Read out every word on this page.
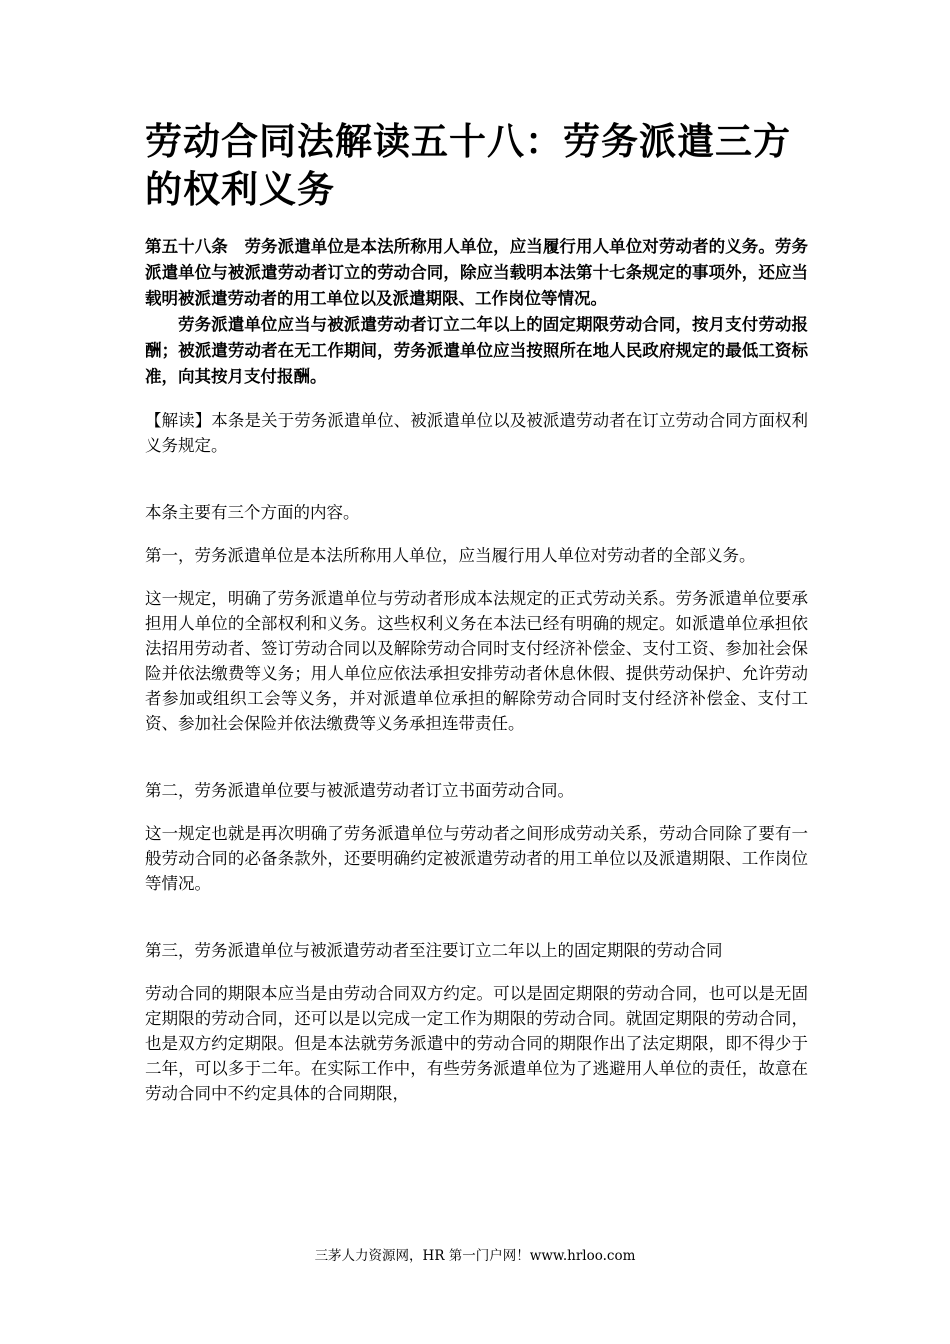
劳动合同法解读五十八：劳务派遣三方的权利义务

第五十八条　劳务派遣单位是本法所称用人单位，应当履行用人单位对劳动者的义务。劳务派遣单位与被派遣劳动者订立的劳动合同，除应当载明本法第十七条规定的事项外，还应当载明被派遣劳动者的用工单位以及派遣期限、工作岗位等情况。

劳务派遣单位应当与被派遣劳动者订立二年以上的固定期限劳动合同，按月支付劳动报酬；被派遣劳动者在无工作期间，劳务派遣单位应当按照所在地人民政府规定的最低工资标准，向其按月支付报酬。

【解读】本条是关于劳务派遣单位、被派遣单位以及被派遣劳动者在订立劳动合同方面权利义务规定。

本条主要有三个方面的内容。

第一，劳务派遣单位是本法所称用人单位，应当履行用人单位对劳动者的全部义务。

这一规定，明确了劳务派遣单位与劳动者形成本法规定的正式劳动关系。劳务派遣单位要承担用人单位的全部权利和义务。这些权利义务在本法已经有明确的规定。如派遣单位承担依法招用劳动者、签订劳动合同以及解除劳动合同时支付经济补偿金、支付工资、参加社会保险并依法缴费等义务；用人单位应依法承担安排劳动者休息休假、提供劳动保护、允许劳动者参加或组织工会等义务，并对派遣单位承担的解除劳动合同时支付经济补偿金、支付工资、参加社会保险并依法缴费等义务承担连带责任。

第二，劳务派遣单位要与被派遣劳动者订立书面劳动合同。

这一规定也就是再次明确了劳务派遣单位与劳动者之间形成劳动关系，劳动合同除了要有一般劳动合同的必备条款外，还要明确约定被派遣劳动者的用工单位以及派遣期限、工作岗位等情况。

第三，劳务派遣单位与被派遣劳动者至注要订立二年以上的固定期限的劳动合同

劳动合同的期限本应当是由劳动合同双方约定。可以是固定期限的劳动合同，也可以是无固定期限的劳动合同，还可以是以完成一定工作为期限的劳动合同。就固定期限的劳动合同，也是双方约定期限。但是本法就劳务派遣中的劳动合同的期限作出了法定期限，即不得少于二年，可以多于二年。在实际工作中，有些劳务派遣单位为了逃避用人单位的责任，故意在劳动合同中不约定具体的合同期限，

三茅人力资源网，HR 第一门户网！www.hrloo.com
